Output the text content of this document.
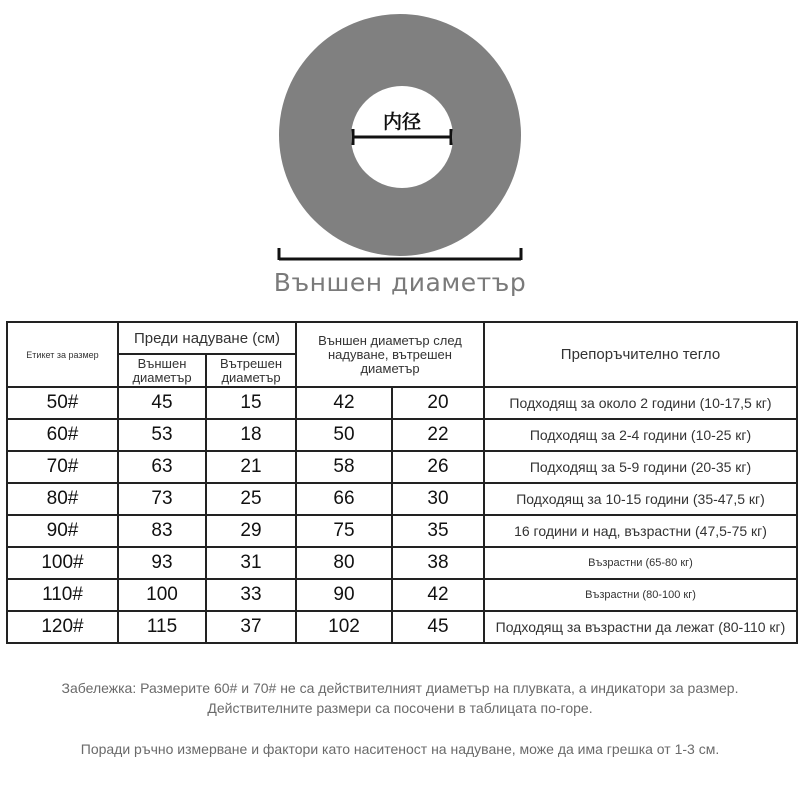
内径
Външен диаметър
Етикет за размер	Преди надуване (см)		Външен диаметър след надуване, вътрешен диаметър		Препоръчително тегло
	Външен диаметър	Вътрешен диаметър			
50#	45	15	42	20	Подходящ за около 2 години (10-17,5 кг)
60#	53	18	50	22	Подходящ за 2-4 години (10-25 кг)
70#	63	21	58	26	Подходящ за 5-9 години (20-35 кг)
80#	73	25	66	30	Подходящ за 10-15 години (35-47,5 кг)
90#	83	29	75	35	16 години и над, възрастни (47,5-75 кг)
100#	93	31	80	38	Възрастни (65-80 кг)
110#	100	33	90	42	Възрастни (80-100 кг)
120#	115	37	102	45	Подходящ за възрастни да лежат (80-110 кг)
Забележка: Размерите 60# и 70# не са действителният диаметър на плувката, а индикатори за размер. Действителните размери са посочени в таблицата по-горе.
Поради ръчно измерване и фактори като наситеност на надуване, може да има грешка от 1-3 см.
